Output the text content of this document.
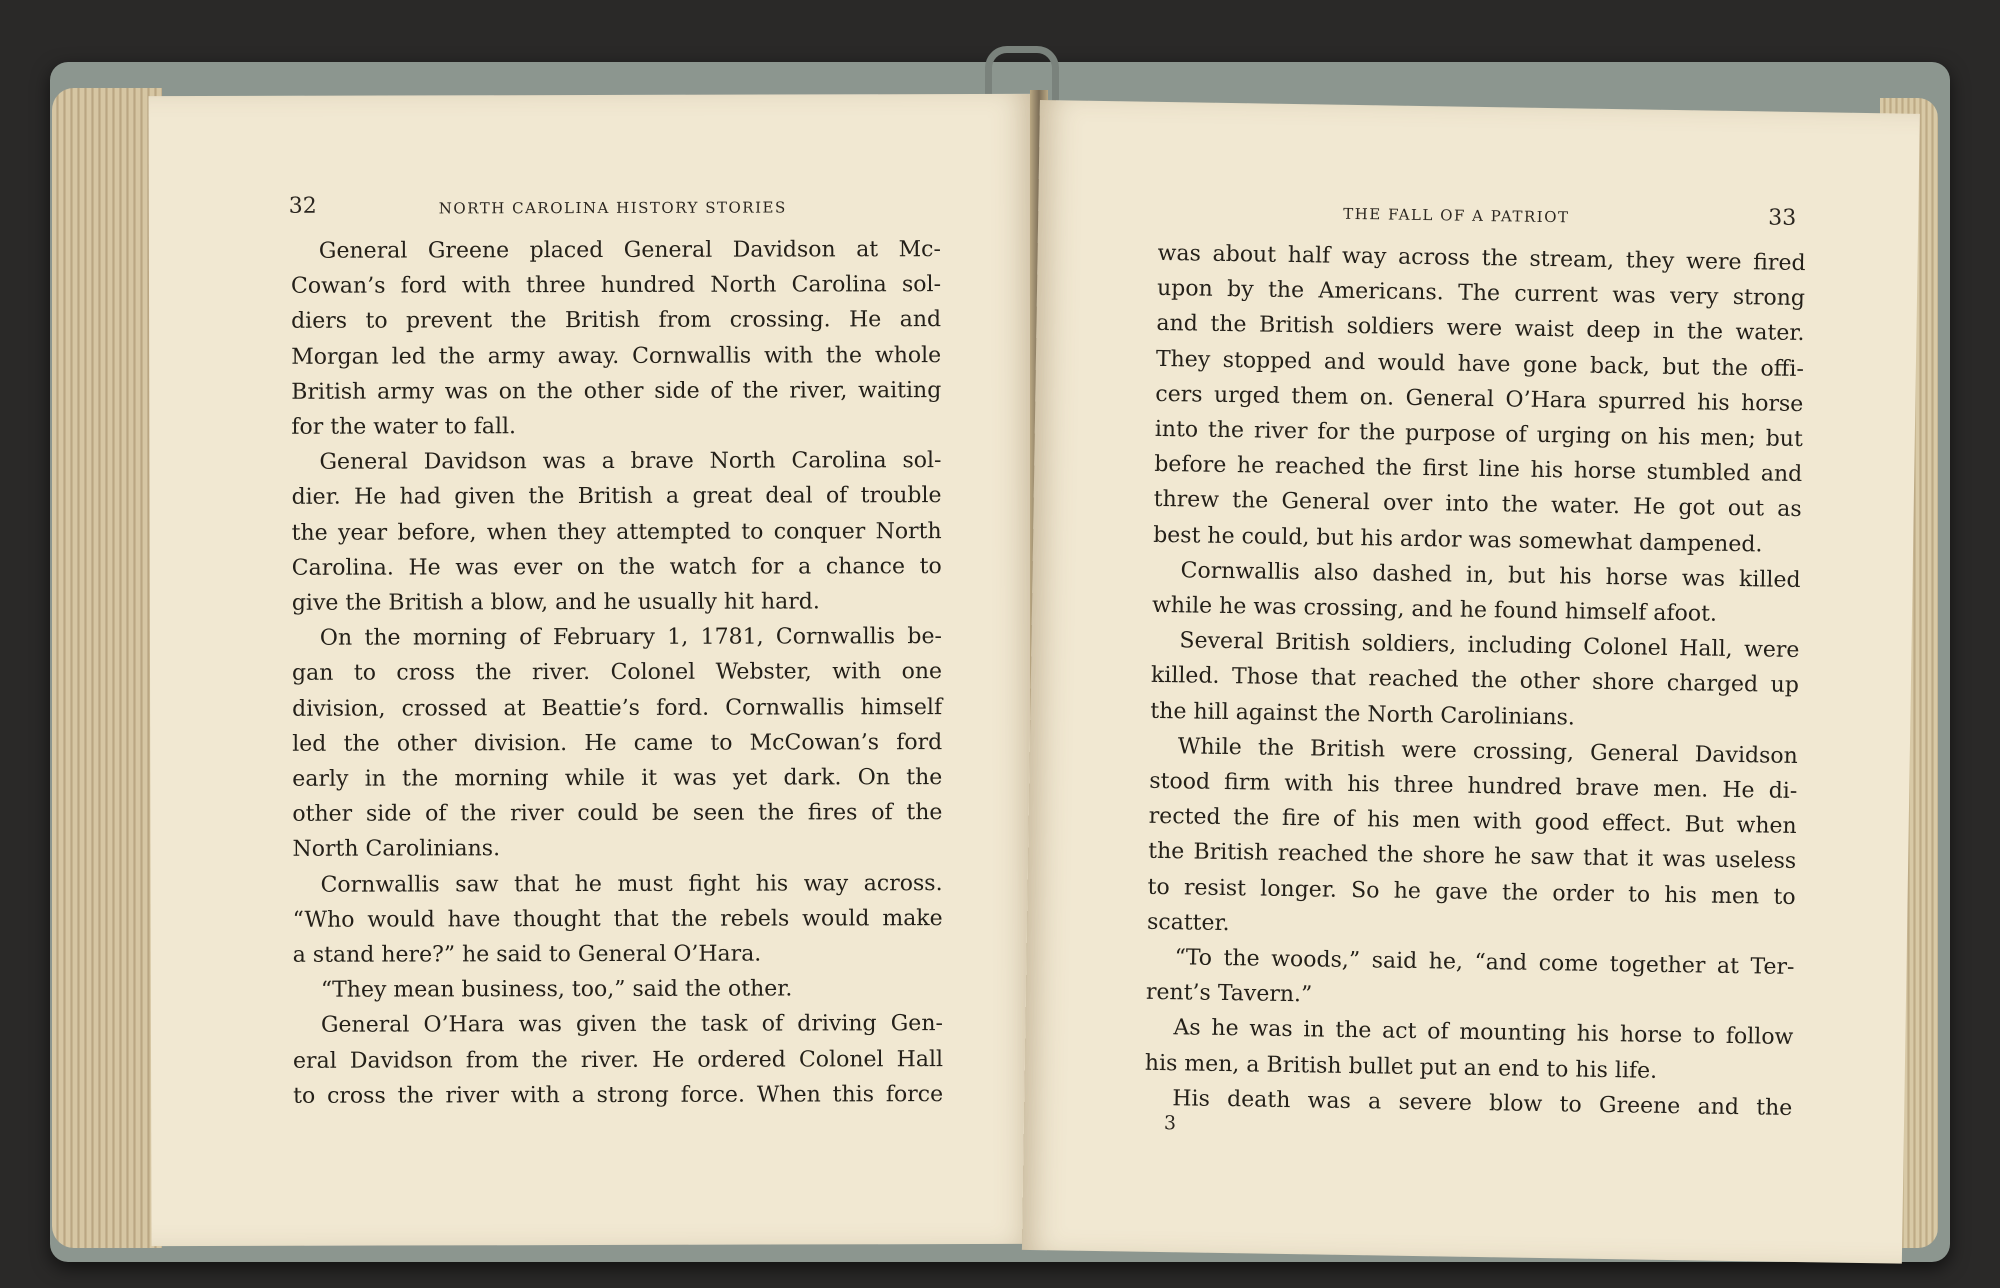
32	NORTH CAROLINA HISTORY STORIES
General Greene placed General Davidson at Mc-
Cowan’s ford with three hundred North Carolina sol-
diers to prevent the British from crossing. He and
Morgan led the army away. Cornwallis with the whole
British army was on the other side of the river, waiting
for the water to fall.
General Davidson was a brave North Carolina sol-
dier. He had given the British a great deal of trouble
the year before, when they attempted to conquer North
Carolina. He was ever on the watch for a chance to
give the British a blow, and he usually hit hard.
On the morning of February 1, 1781, Cornwallis be-
gan to cross the river. Colonel Webster, with one
division, crossed at Beattie’s ford. Cornwallis himself
led the other division. He came to McCowan’s ford
early in the morning while it was yet dark. On the
other side of the river could be seen the fires of the
North Carolinians.
Cornwallis saw that he must fight his way across.
“Who would have thought that the rebels would make
a stand here?” he said to General O’Hara.
“They mean business, too,” said the other.
General O’Hara was given the task of driving Gen-
eral Davidson from the river. He ordered Colonel Hall
to cross the river with a strong force. When this force
THE FALL OF A PATRIOT	33
was about half way across the stream, they were fired
upon by the Americans. The current was very strong
and the British soldiers were waist deep in the water.
They stopped and would have gone back, but the offi-
cers urged them on. General O’Hara spurred his horse
into the river for the purpose of urging on his men; but
before he reached the first line his horse stumbled and
threw the General over into the water. He got out as
best he could, but his ardor was somewhat dampened.
Cornwallis also dashed in, but his horse was killed
while he was crossing, and he found himself afoot.
Several British soldiers, including Colonel Hall, were
killed. Those that reached the other shore charged up
the hill against the North Carolinians.
While the British were crossing, General Davidson
stood firm with his three hundred brave men. He di-
rected the fire of his men with good effect. But when
the British reached the shore he saw that it was useless
to resist longer. So he gave the order to his men to
scatter.
“To the woods,” said he, “and come together at Ter-
rent’s Tavern.”
As he was in the act of mounting his horse to follow
his men, a British bullet put an end to his life.
His death was a severe blow to Greene and the
3
